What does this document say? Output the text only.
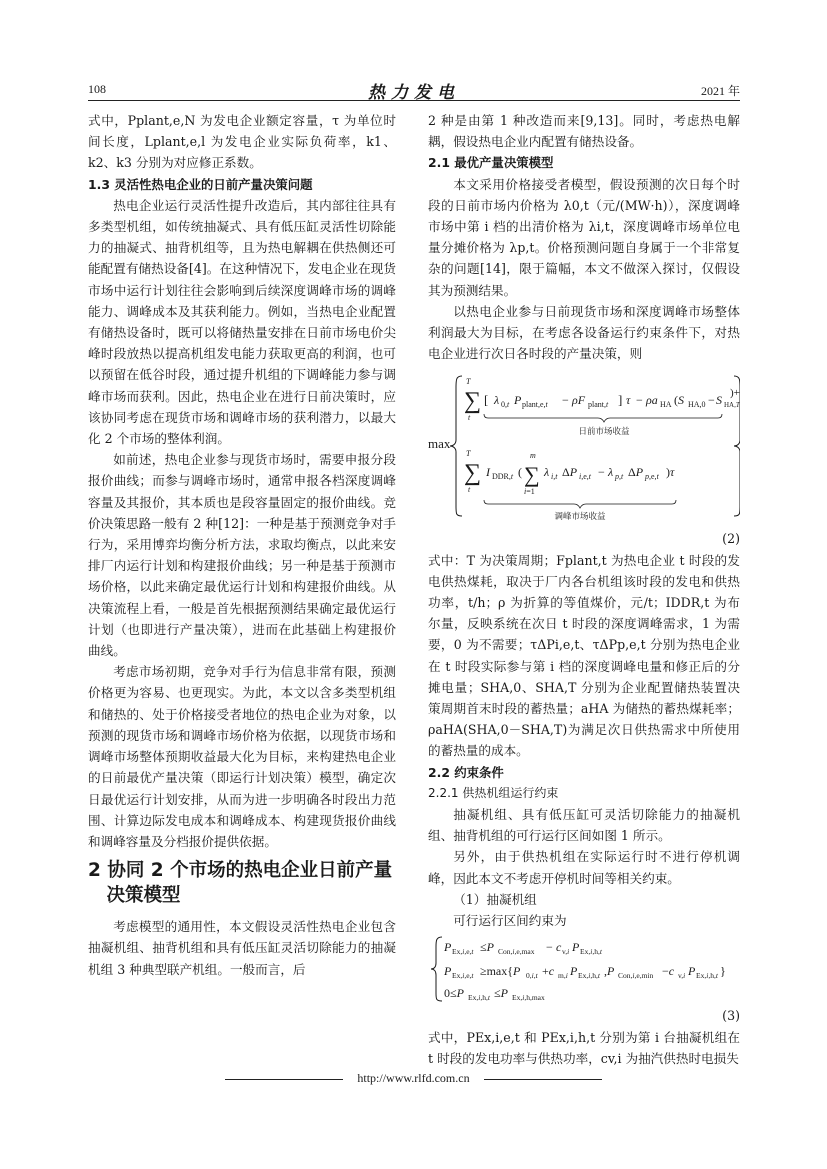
108	热力发电	2021 年

式中，Pplant,e,N 为发电企业额定容量，τ 为单位时间长度，Lplant,e,l 为发电企业实际负荷率，k1、k2、k3 分别为对应修正系数。

1.3 灵活性热电企业的日前产量决策问题

热电企业运行灵活性提升改造后，其内部往往具有多类型机组，如传统抽凝式、具有低压缸灵活性切除能力的抽凝式、抽背机组等，且为热电解耦在供热侧还可能配置有储热设备[4]。在这种情况下，发电企业在现货市场中运行计划往往会影响到后续深度调峰市场的调峰能力、调峰成本及其获利能力。例如，当热电企业配置有储热设备时，既可以将储热量安排在日前市场电价尖峰时段放热以提高机组发电能力获取更高的利润，也可以预留在低谷时段，通过提升机组的下调峰能力参与调峰市场而获利。因此，热电企业在进行日前决策时，应该协同考虑在现货市场和调峰市场的获利潜力，以最大化 2 个市场的整体利润。

如前述，热电企业参与现货市场时，需要申报分段报价曲线；而参与调峰市场时，通常申报各档深度调峰容量及其报价，其本质也是段容量固定的报价曲线。竞价决策思路一般有 2 种[12]：一种是基于预测竞争对手行为，采用博弈均衡分析方法，求取均衡点，以此来安排厂内运行计划和构建报价曲线；另一种是基于预测市场价格，以此来确定最优运行计划和构建报价曲线。从决策流程上看，一般是首先根据预测结果确定最优运行计划（也即进行产量决策），进而在此基础上构建报价曲线。

考虑市场初期，竞争对手行为信息非常有限，预测价格更为容易、也更现实。为此，本文以含多类型机组和储热的、处于价格接受者地位的热电企业为对象，以预测的现货市场和调峰市场价格为依据，以现货市场和调峰市场整体预期收益最大化为目标，来构建热电企业的日前最优产量决策（即运行计划决策）模型，确定次日最优运行计划安排，从而为进一步明确各时段出力范围、计算边际发电成本和调峰成本、构建现货报价曲线和调峰容量及分档报价提供依据。

2 协同 2 个市场的热电企业日前产量
决策模型

考虑模型的通用性，本文假设灵活性热电企业包含抽凝机组、抽背机组和具有低压缸灵活切除能力的抽凝机组 3 种典型联产机组。一般而言，后

2 种是由第 1 种改造而来[9,13]。同时，考虑热电解耦，假设热电企业内配置有储热设备。

2.1 最优产量决策模型

本文采用价格接受者模型，假设预测的次日每个时段的日前市场内价格为 λ0,t（元/(MW·h)），深度调峰市场中第 i 档的出清价格为 λi,t，深度调峰市场单位电量分摊价格为 λp,t。价格预测问题自身属于一个非常复杂的问题[14]，限于篇幅，本文不做深入探讨，仅假设其为预测结果。

以热电企业参与日前现货市场和深度调峰市场整体利润最大为目标，在考虑各设备运行约束条件下，对热电企业进行次日各时段的产量决策，则

max
T
∑
t
[ λ 0,t P plant,e,t − ρF plant,t ] τ − ρa HA (S HA,0 − S HA,T
)+
日前市场收益
T
∑
t
I DDR,t (
m
∑
i=1
λ i,t ΔP i,e,t − λ p,t ΔP p,e,t )τ
调峰市场收益

(2)

式中：T 为决策周期；Fplant,t 为热电企业 t 时段的发电供热煤耗，取决于厂内各台机组该时段的发电和供热功率，t/h；ρ 为折算的等值煤价，元/t；IDDR,t 为布尔量，反映系统在次日 t 时段的深度调峰需求，1 为需要，0 为不需要；τΔPi,e,t、τΔPp,e,t 分别为热电企业在 t 时段实际参与第 i 档的深度调峰电量和修正后的分摊电量；SHA,0、SHA,T 分别为企业配置储热装置决策周期首末时段的蓄热量；aHA 为储热的蓄热煤耗率；ρaHA(SHA,0－SHA,T)为满足次日供热需求中所使用的蓄热量的成本。

2.2 约束条件

2.2.1 供热机组运行约束

抽凝机组、具有低压缸可灵活切除能力的抽凝机组、抽背机组的可行运行区间如图 1 所示。

另外，由于供热机组在实际运行时不进行停机调峰，因此本文不考虑开停机时间等相关约束。

（1）抽凝机组

可行运行区间约束为

P Ex,i,e,t ≤P Con,i,e,max − c v,i P Ex,i,h,t
P Ex,i,e,t ≥max{P 0,i,t +c m,i P Ex,i,h,t ,P Con,i,e,min −c v,i P Ex,i,h,t }
0≤P Ex,i,h,t ≤P Ex,i,h,max

(3)

式中，PEx,i,e,t 和 PEx,i,h,t 分别为第 i 台抽凝机组在 t 时段的发电功率与供热功率，cv,i 为抽汽供热时电损失

http://www.rlfd.com.cn
